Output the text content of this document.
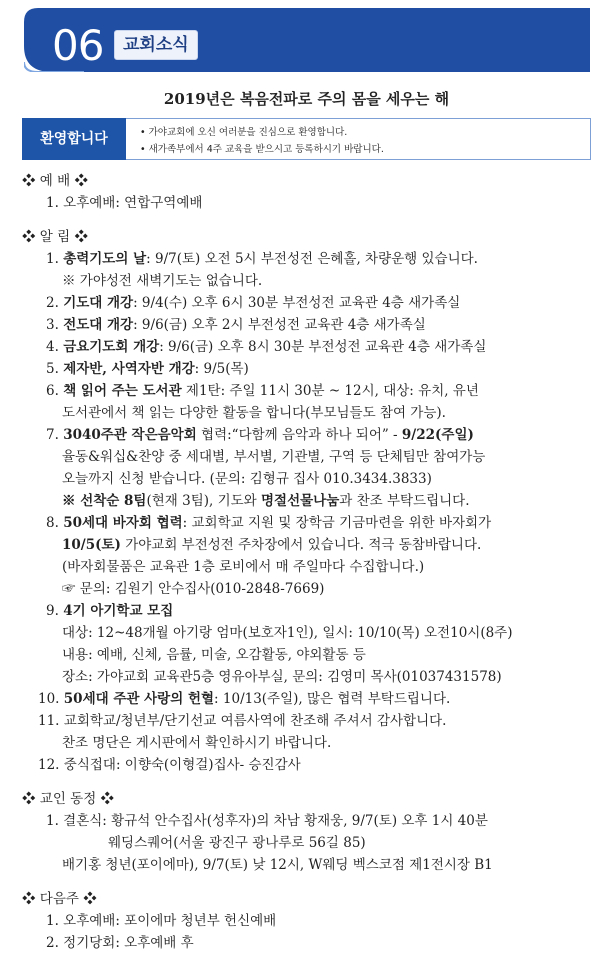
06	교회소식
2019년은 복음전파로 주의 몸을 세우는 해
환영합니다	• 가야교회에 오신 여러분을 진심으로 환영합니다.
• 새가족부에서 4주 교육을 받으시고 등록하시기 바랍니다.
❖ 예 배 ❖
1. 오후예배: 연합구역예배
❖ 알 림 ❖
1. 총력기도의 날: 9/7(토) 오전 5시 부전성전 은혜홀, 차량운행 있습니다.
※ 가야성전 새벽기도는 없습니다.
2. 기도대 개강: 9/4(수) 오후 6시 30분 부전성전 교육관 4층 새가족실
3. 전도대 개강: 9/6(금) 오후 2시 부전성전 교육관 4층 새가족실
4. 금요기도회 개강: 9/6(금) 오후 8시 30분 부전성전 교육관 4층 새가족실
5. 제자반, 사역자반 개강: 9/5(목)
6. 책 읽어 주는 도서관 제1탄: 주일 11시 30분 ~ 12시, 대상: 유치, 유년
도서관에서 책 읽는 다양한 활동을 합니다(부모님들도 참여 가능).
7. 3040주관 작은음악회 협력:“다함께 음악과 하나 되어” - 9/22(주일)
율동&워십&찬양 중 세대별, 부서별, 기관별, 구역 등 단체팀만 참여가능
오늘까지 신청 받습니다. (문의: 김형규 집사 010.3434.3833)
※ 선착순 8팀(현재 3팀), 기도와 명절선물나눔과 찬조 부탁드립니다.
8. 50세대 바자회 협력: 교회학교 지원 및 장학금 기금마련을 위한 바자회가
10/5(토) 가야교회 부전성전 주차장에서 있습니다. 적극 동참바랍니다.
(바자회물품은 교육관 1층 로비에서 매 주일마다 수집합니다.)
☞ 문의: 김원기 안수집사(010-2848-7669)
9. 4기 아기학교 모집
대상: 12~48개월 아기랑 엄마(보호자1인), 일시: 10/10(목) 오전10시(8주)
내용: 예배, 신체, 음률, 미술, 오감활동, 야외활동 등
장소: 가야교회 교육관5층 영유아부실, 문의: 김영미 목사(01037431578)
10. 50세대 주관 사랑의 헌혈: 10/13(주일), 많은 협력 부탁드립니다.
11. 교회학교/청년부/단기선교 여름사역에 찬조해 주셔서 감사합니다.
찬조 명단은 게시판에서 확인하시기 바랍니다.
12. 중식접대: 이향숙(이형걸)집사- 승진감사
❖ 교인 동정 ❖
1. 결혼식: 황규석 안수집사(성후자)의 차남 황재웅, 9/7(토) 오후 1시 40분
웨딩스퀘어(서울 광진구 광나루로 56길 85)
배기홍 청년(포이에마), 9/7(토) 낮 12시, W웨딩 벡스코점 제1전시장 B1
❖ 다음주 ❖
1. 오후예배: 포이에마 청년부 헌신예배
2. 정기당회: 오후예배 후
